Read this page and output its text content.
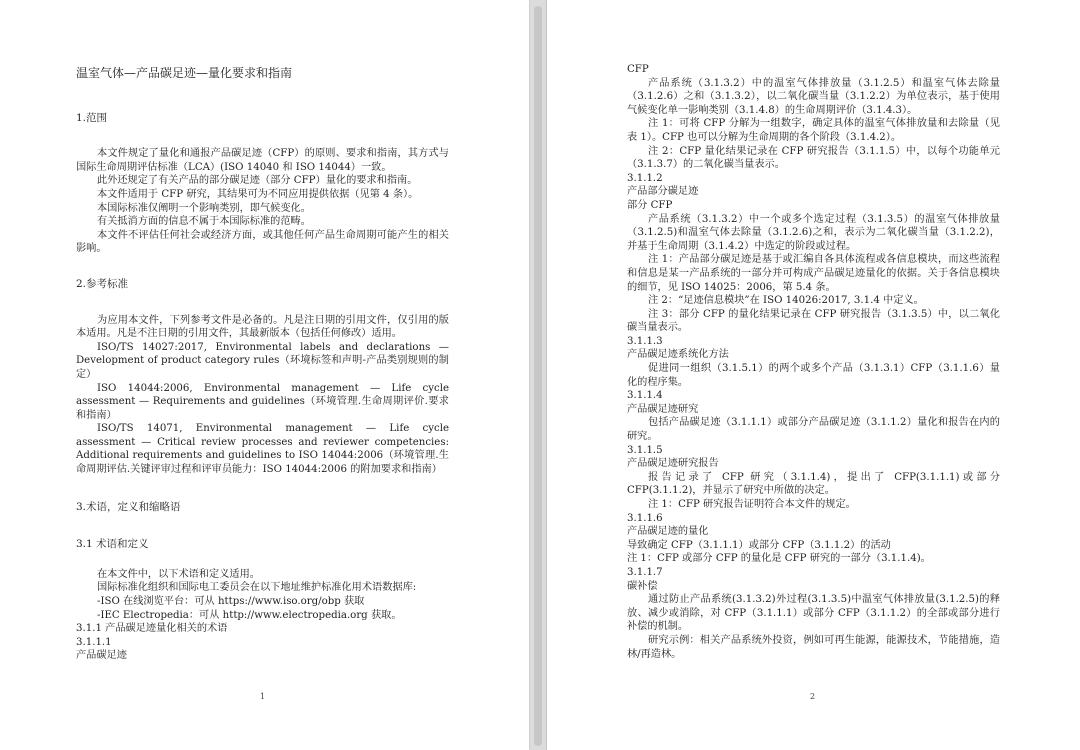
温室气体—产品碳足迹—量化要求和指南

1.范围

本文件规定了量化和通报产品碳足迹（CFP）的原则、要求和指南，其方式与国际生命周期评估标准（LCA）(ISO 14040 和 ISO 14044）一致。

此外还规定了有关产品的部分碳足迹（部分 CFP）量化的要求和指南。

本文件适用于 CFP 研究，其结果可为不同应用提供依据（见第 4 条）。

本国际标准仅阐明一个影响类别，即气候变化。

有关抵消方面的信息不属于本国际标准的范畴。

本文件不评估任何社会或经济方面，或其他任何产品生命周期可能产生的相关影响。

2.参考标准

为应用本文件，下列参考文件是必备的。凡是注日期的引用文件，仅引用的版本适用。凡是不注日期的引用文件，其最新版本（包括任何修改）适用。

ISO/TS 14027:2017, Environmental labels and declarations — Development of product category rules（环境标签和声明-产品类别规则的制定）

ISO 14044:2006, Environmental management — Life cycle assessment — Requirements and guidelines（环境管理.生命周期评价.要求和指南）

ISO/TS 14071, Environmental management — Life cycle assessment — Critical review processes and reviewer competencies: Additional requirements and guidelines to ISO 14044:2006（环境管理.生命周期评估.关键评审过程和评审员能力：ISO 14044:2006 的附加要求和指南）

3.术语，定义和缩略语

3.1 术语和定义

在本文件中，以下术语和定义适用。

国际标准化组织和国际电工委员会在以下地址维护标准化用术语数据库:

-ISO 在线浏览平台：可从 https://www.iso.org/obp 获取

-IEC Electropedia：可从 http://www.electropedia.org 获取。

3.1.1 产品碳足迹量化相关的术语

3.1.1.1

产品碳足迹

1

CFP

产品系统（3.1.3.2）中的温室气体排放量（3.1.2.5）和温室气体去除量（3.1.2.6）之和（3.1.3.2），以二氧化碳当量（3.1.2.2）为单位表示，基于使用气候变化单一影响类别（3.1.4.8）的生命周期评价（3.1.4.3）。

注 1：可将 CFP 分解为一组数字，确定具体的温室气体排放量和去除量（见表 1）。CFP 也可以分解为生命周期的各个阶段（3.1.4.2）。

注 2：CFP 量化结果记录在 CFP 研究报告（3.1.1.5）中，以每个功能单元（3.1.3.7）的二氧化碳当量表示。

3.1.1.2

产品部分碳足迹

部分 CFP

产品系统（3.1.3.2）中一个或多个选定过程（3.1.3.5）的温室气体排放量（3.1.2.5)和温室气体去除量（3.1.2.6)之和，表示为二氧化碳当量（3.1.2.2)，并基于生命周期（3.1.4.2）中选定的阶段或过程。

注 1：产品部分碳足迹是基于或汇编自各具体流程或各信息模块，而这些流程和信息是某一产品系统的一部分并可构成产品碳足迹量化的依据。关于各信息模块的细节，见 ISO 14025：2006，第 5.4 条。

注 2：“足迹信息模块”在 ISO 14026:2017, 3.1.4 中定义。

注 3：部分 CFP 的量化结果记录在 CFP 研究报告（3.1.3.5）中，以二氧化碳当量表示。

3.1.1.3

产品碳足迹系统化方法

促进同一组织（3.1.5.1）的两个或多个产品（3.1.3.1）CFP（3.1.1.6）量化的程序集。

3.1.1.4

产品碳足迹研究

包括产品碳足迹（3.1.1.1）或部分产品碳足迹（3.1.1.2）量化和报告在内的研究。

3.1.1.5

产品碳足迹研究报告

报告记录了 CFP 研究（3.1.1.4)，提出了 CFP(3.1.1.1)或部分CFP(3.1.1.2)，并显示了研究中所做的决定。

注 1：CFP 研究报告证明符合本文件的规定。

3.1.1.6

产品碳足迹的量化

导致确定 CFP（3.1.1.1）或部分 CFP（3.1.1.2）的活动

注 1：CFP 或部分 CFP 的量化是 CFP 研究的一部分（3.1.1.4)。

3.1.1.7

碳补偿

通过防止产品系统(3.1.3.2)外过程(3.1.3.5)中温室气体排放量(3.1.2.5)的释放、减少或消除，对 CFP（3.1.1.1）或部分 CFP（3.1.1.2）的全部或部分进行补偿的机制。

研究示例：相关产品系统外投资，例如可再生能源，能源技术，节能措施，造林/再造林。

2
